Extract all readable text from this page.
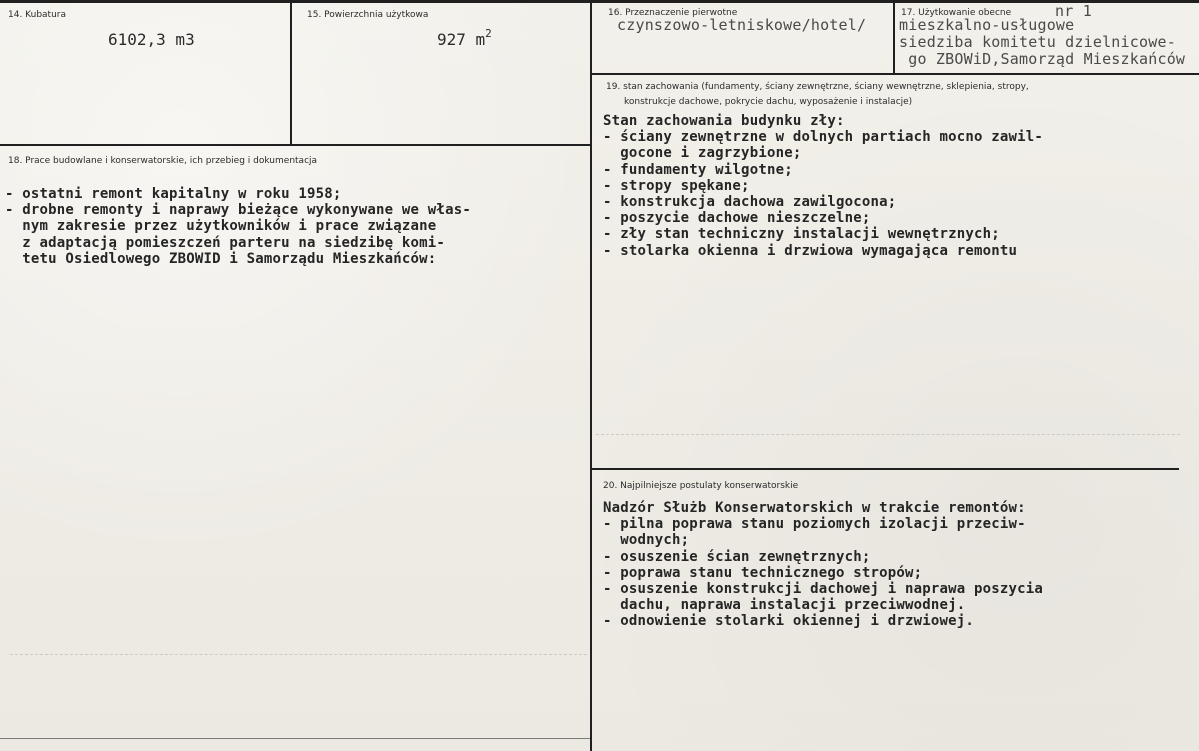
14. Kubatura
6102,3 m3
15. Powierzchnia użytkowa
927 $m^2$
16. Przeznaczenie pierwotne
czynszowo-letniskowe/hotel/
17. Użytkowanie obecne	nr 1
mieszkalno-usługowe
siedziba komitetu dzielnicowe-
go ZBOWiD,Samorząd Mieszkańców
19. stan zachowania (fundamenty, ściany zewnętrzne, ściany wewnętrzne, sklepienia, stropy,
konstrukcje dachowe, pokrycie dachu, wyposażenie i instalacje)
Stan zachowania budynku zły:
- ściany zewnętrzne w dolnych partiach mocno zawil-
gocone i zagrzybione;
- fundamenty wilgotne;
- stropy spękane;
- konstrukcja dachowa zawilgocona;
- poszycie dachowe nieszczelne;
- zły stan techniczny instalacji wewnętrznych;
- stolarka okienna i drzwiowa wymagająca remontu
18. Prace budowlane i konserwatorskie, ich przebieg i dokumentacja
- ostatni remont kapitalny w roku 1958;
- drobne remonty i naprawy bieżące wykonywane we włas-
nym zakresie przez użytkowników i prace związane
z adaptacją pomieszczeń parteru na siedzibę komi-
tetu Osiedlowego ZBOWID i Samorządu Mieszkańców:
20. Najpilniejsze postulaty konserwatorskie
Nadzór Służb Konserwatorskich w trakcie remontów:
- pilna poprawa stanu poziomych izolacji przeciw-
wodnych;
- osuszenie ścian zewnętrznych;
- poprawa stanu technicznego stropów;
- osuszenie konstrukcji dachowej i naprawa poszycia
dachu, naprawa instalacji przeciwwodnej.
- odnowienie stolarki okiennej i drzwiowej.
